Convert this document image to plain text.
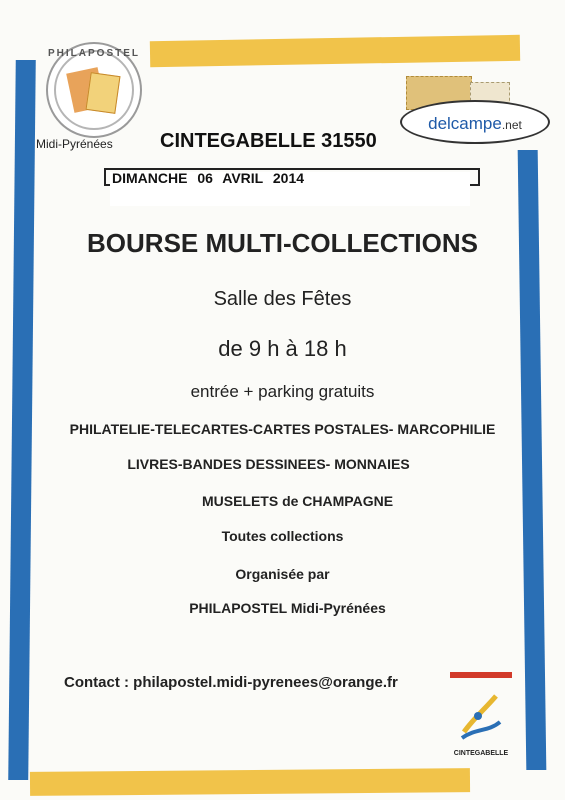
PHILAPOSTEL
Midi-Pyrénées
delcampe.net
CINTEGABELLE 31550
DIMANCHE 06 AVRIL 2014
BOURSE MULTI-COLLECTIONS
Salle des Fêtes
de 9 h à 18 h
entrée + parking gratuits
PHILATELIE-TELECARTES-CARTES POSTALES- MARCOPHILIE
LIVRES-BANDES DESSINEES- MONNAIES
MUSELETS de CHAMPAGNE
Toutes collections
Organisée par
PHILAPOSTEL Midi-Pyrénées
Contact : philapostel.midi-pyrenees@orange.fr
CINTEGABELLE
